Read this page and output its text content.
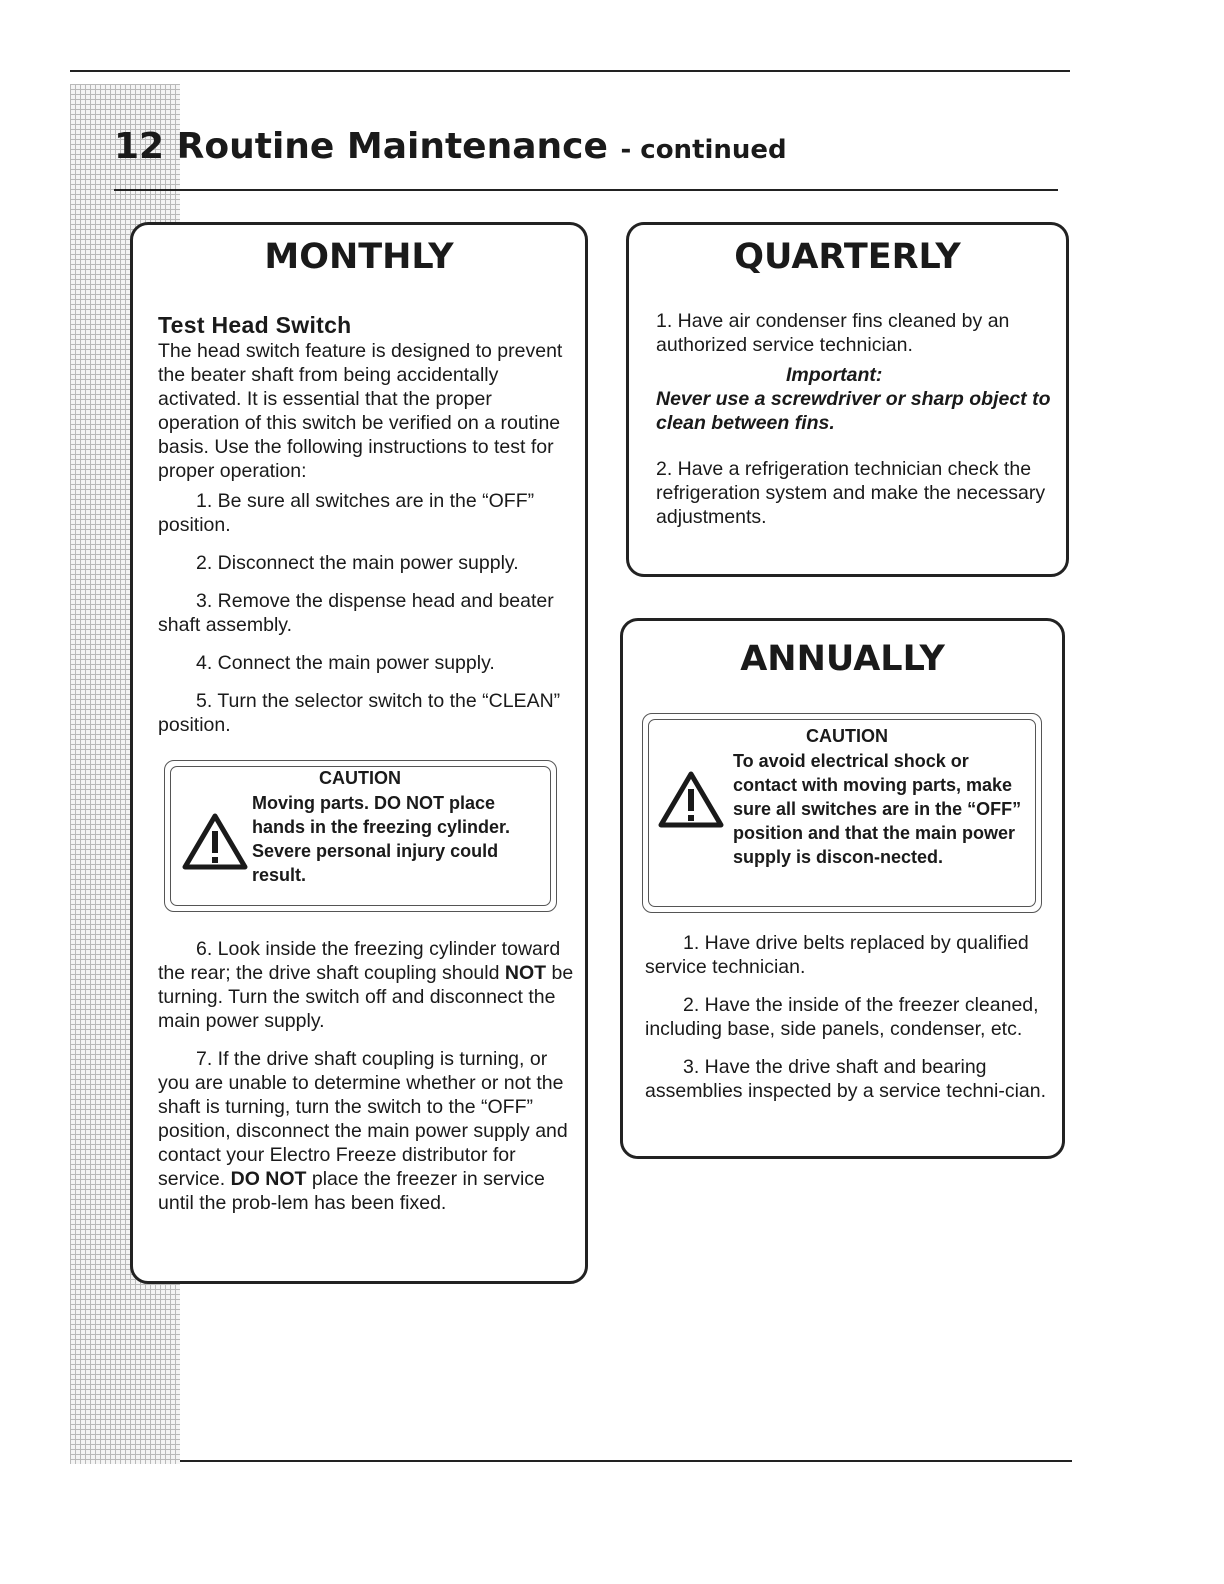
12 Routine Maintenance - continued
MONTHLY
Test Head Switch

The head switch feature is designed to prevent the beater shaft from being accidentally activated. It is essential that the proper operation of this switch be verified on a routine basis. Use the following instructions to test for proper operation:

1. Be sure all switches are in the “OFF” position.

2. Disconnect the main power supply.

3. Remove the dispense head and beater shaft assembly.

4. Connect the main power supply.

5. Turn the selector switch to the “CLEAN” position.

CAUTION

Moving parts. DO NOT place hands in the freezing cylinder. Severe personal injury could result.

6. Look inside the freezing cylinder toward the rear; the drive shaft coupling should NOT be turning. Turn the switch off and disconnect the main power supply.

7. If the drive shaft coupling is turning, or you are unable to determine whether or not the shaft is turning, turn the switch to the “OFF” position, disconnect the main power supply and contact your Electro Freeze distributor for service. DO NOT place the freezer in service until the prob-lem has been fixed.

QUARTERLY

1. Have air condenser fins cleaned by an authorized service technician.

Important:

Never use a screwdriver or sharp object to clean between fins.

2. Have a refrigeration technician check the refrigeration system and make the necessary adjustments.

ANNUALLY
CAUTION

To avoid electrical shock or contact with moving parts, make sure all switches are in the “OFF” position and that the main power supply is discon-nected.

1. Have drive belts replaced by qualified service technician.

2. Have the inside of the freezer cleaned, including base, side panels, condenser, etc.

3. Have the drive shaft and bearing assemblies inspected by a service techni-cian.
